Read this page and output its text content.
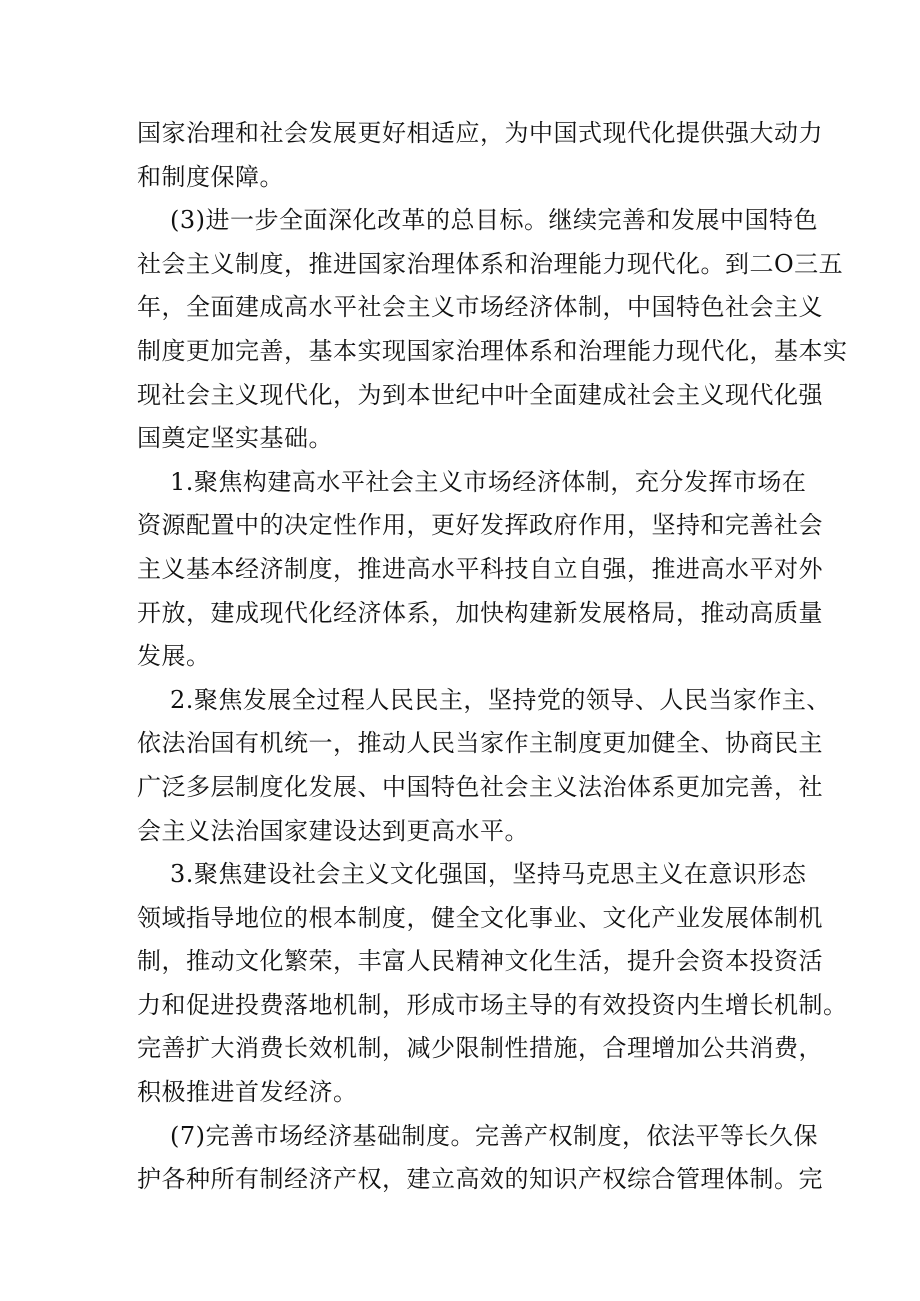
国家治理和社会发展更好相适应，为中国式现代化提供强大动力
和制度保障。
(3)进一步全面深化改革的总目标。继续完善和发展中国特色
社会主义制度，推进国家治理体系和治理能力现代化。到二O三五
年，全面建成高水平社会主义市场经济体制，中国特色社会主义
制度更加完善，基本实现国家治理体系和治理能力现代化，基本实
现社会主义现代化，为到本世纪中叶全面建成社会主义现代化强
国奠定坚实基础。
1.聚焦构建高水平社会主义市场经济体制，充分发挥市场在
资源配置中的决定性作用，更好发挥政府作用，坚持和完善社会
主义基本经济制度，推进高水平科技自立自强，推进高水平对外
开放，建成现代化经济体系，加快构建新发展格局，推动高质量
发展。
2.聚焦发展全过程人民民主，坚持党的领导、人民当家作主、
依法治国有机统一，推动人民当家作主制度更加健全、协商民主
广泛多层制度化发展、中国特色社会主义法治体系更加完善，社
会主义法治国家建设达到更高水平。
3.聚焦建设社会主义文化强国，坚持马克思主义在意识形态
领域指导地位的根本制度，健全文化事业、文化产业发展体制机
制，推动文化繁荣，丰富人民精神文化生活，提升会资本投资活
力和促进投费落地机制，形成市场主导的有效投资内生增长机制。
完善扩大消费长效机制，减少限制性措施，合理增加公共消费，
积极推进首发经济。
(7)完善市场经济基础制度。完善产权制度，依法平等长久保
护各种所有制经济产权，建立高效的知识产权综合管理体制。完
